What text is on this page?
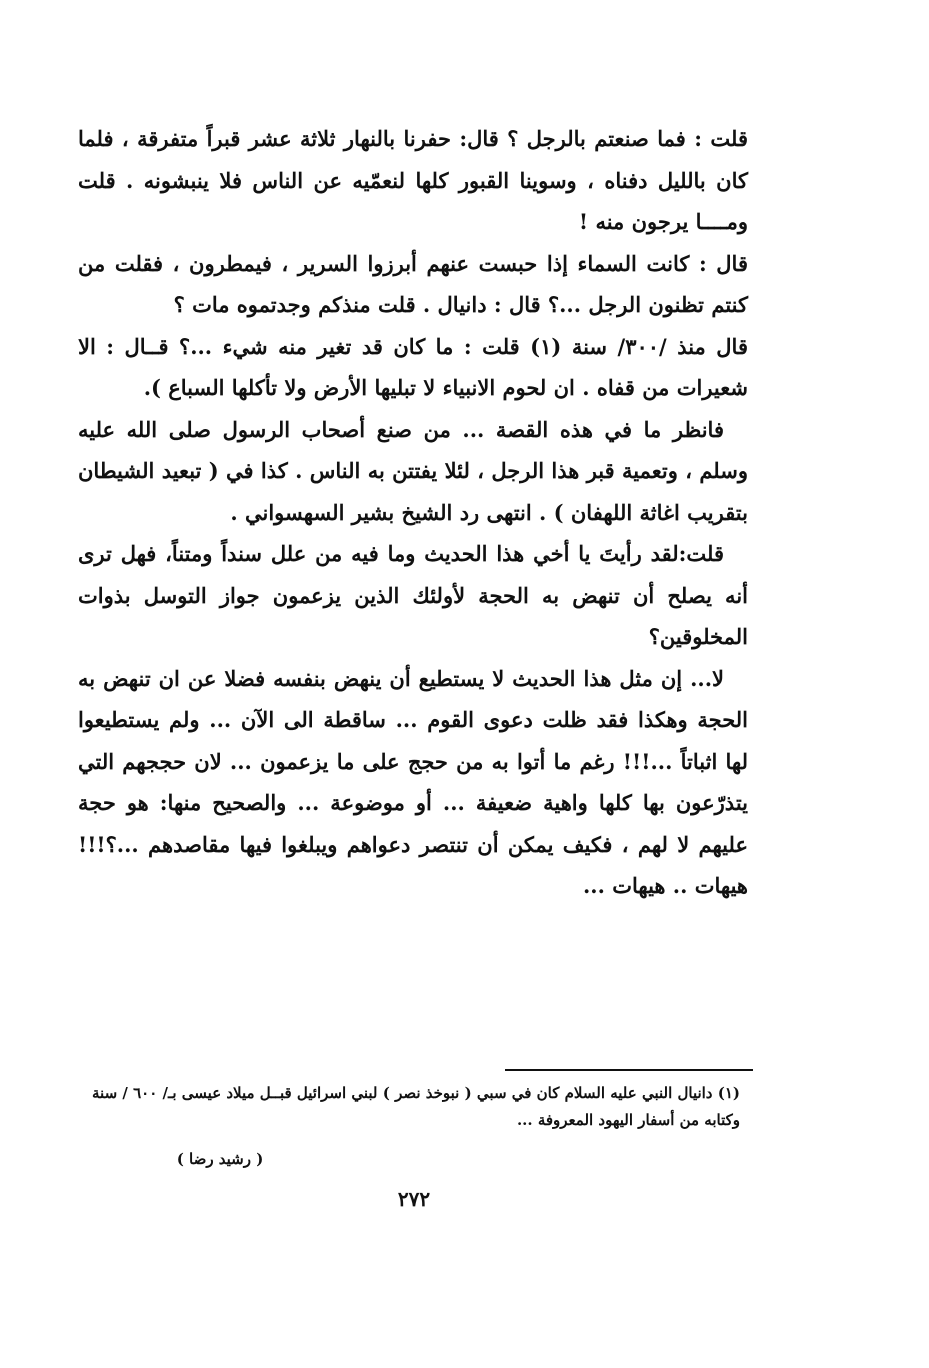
قلت : فما صنعتم بالرجل ؟ قال: حفرنا بالنهار ثلاثة عشر قبراً متفرقة ، فلما كان بالليل دفناه ، وسوينا القبور كلها لنعمّيه عن الناس فلا ينبشونه . قلت ومــــا يرجون منه !

قال : كانت السماء إذا حبست عنهم أبرزوا السرير ، فيمطرون ، فقلت من كنتم تظنون الرجل ...؟ قال : دانيال . قلت منذكم وجدتموه مات ؟

قال منذ /٣٠٠/ سنة (١) قلت : ما كان قد تغير منه شيء ...؟ قــال : الا شعيرات من قفاه . ان لحوم الانبياء لا تبليها الأرض ولا تأكلها السباع ).

فانظر ما في هذه القصة ... من صنع أصحاب الرسول صلى الله عليه وسلم ، وتعمية قبر هذا الرجل ، لئلا يفتتن به الناس . كذا في ( تبعيد الشيطان بتقريب اغاثة اللهفان ) . انتهى رد الشيخ بشير السهسواني .

قلت:لقد رأيتَ يا أخي هذا الحديث وما فيه من علل سنداً ومتناً، فهل ترى أنه يصلح أن تنهض به الحجة لأولئك الذين يزعمون جواز التوسل بذوات المخلوقين؟

لا... إن مثل هذا الحديث لا يستطيع أن ينهض بنفسه فضلا عن ان تنهض به الحجة وهكذا فقد ظلت دعوى القوم ... ساقطة الى الآن ... ولم يستطيعوا لها اثباتاً ...!!! رغم ما أتوا به من حجج على ما يزعمون ... لان حججهم التي يتذرّعون بها كلها واهية ضعيفة ... أو موضوعة ... والصحيح منها: هو حجة عليهم لا لهم ، فكيف يمكن أن تنتصر دعواهم ويبلغوا فيها مقاصدهم ...؟!!! هيهات .. هيهات ...

(١) دانيال النبي عليه السلام كان في سبي ( نبوخذ نصر ) لبني اسرائيل قبــل ميلاد عيسى بـ/ ٦٠٠ / سنة وكتابه من أسفار اليهود المعروفة ...

( رشيد رضا )
٢٧٢
